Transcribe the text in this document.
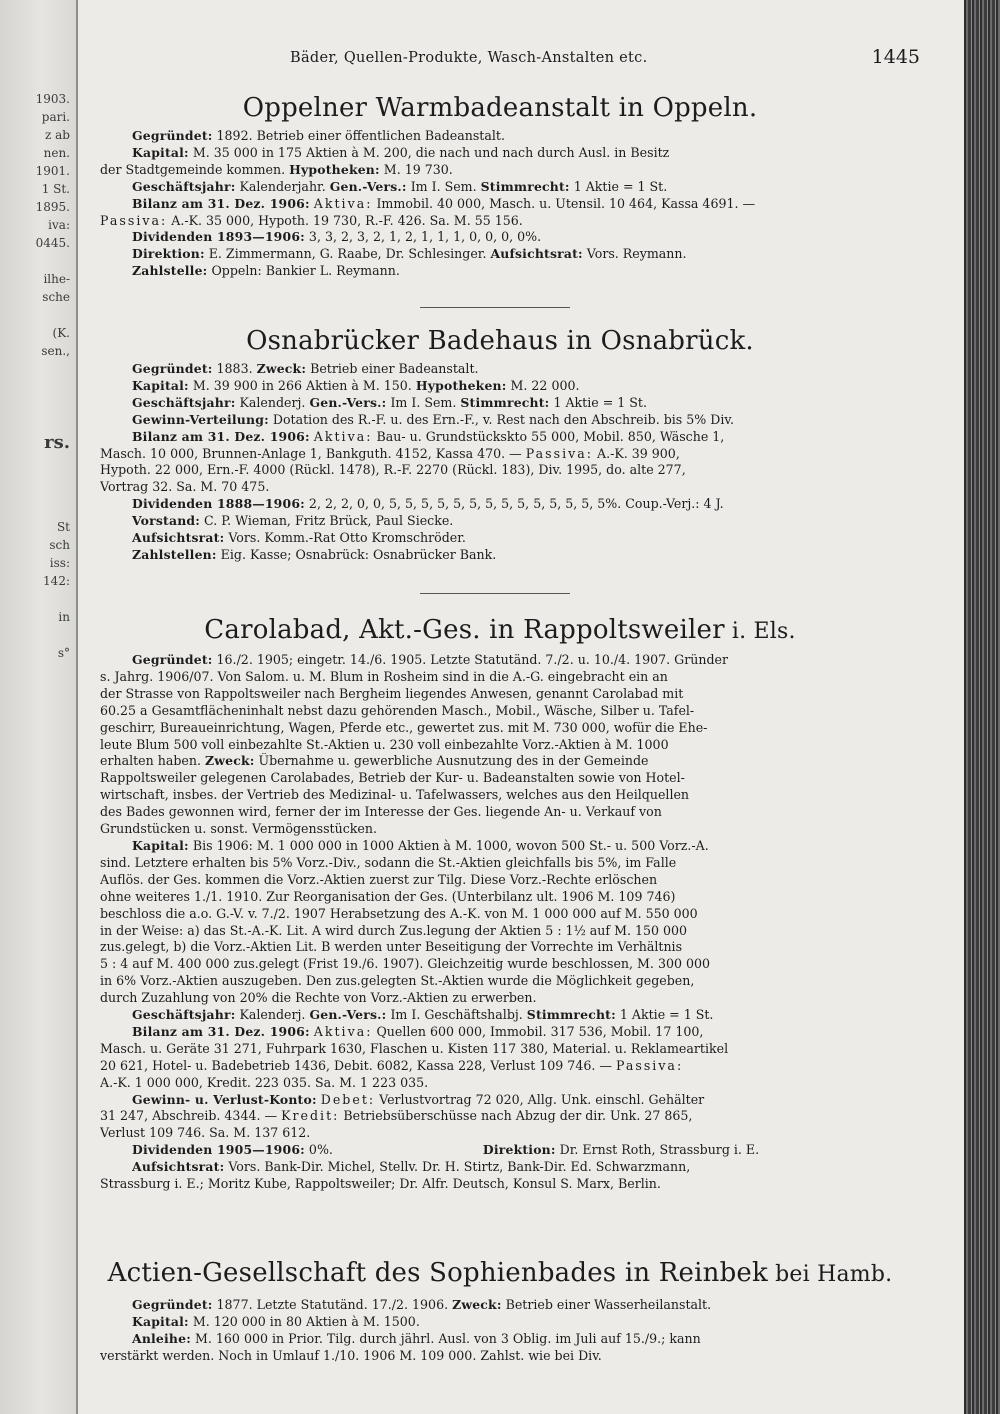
1903.
pari.
z ab
nen.
1901.
1 St.
1895.
iva:
0445.
ilhe-
sche
(K.
sen.,
rs.
St
sch
iss:
142:
in
s°
Bäder, Quellen-Produkte, Wasch-Anstalten etc.	1445
Oppelner Warmbadeanstalt in Oppeln.
Gegründet: 1892. Betrieb einer öffentlichen Badeanstalt.
Kapital: M. 35 000 in 175 Aktien à M. 200, die nach und nach durch Ausl. in Besitz
der Stadtgemeinde kommen. Hypotheken: M. 19 730.
Geschäftsjahr: Kalenderjahr. Gen.-Vers.: Im I. Sem. Stimmrecht: 1 Aktie = 1 St.
Bilanz am 31. Dez. 1906: Aktiva: Immobil. 40 000, Masch. u. Utensil. 10 464, Kassa 4691. —
Passiva: A.-K. 35 000, Hypoth. 19 730, R.-F. 426. Sa. M. 55 156.
Dividenden 1893—1906: 3, 3, 2, 3, 2, 1, 2, 1, 1, 1, 0, 0, 0, 0%.
Direktion: E. Zimmermann, G. Raabe, Dr. Schlesinger. Aufsichtsrat: Vors. Reymann.
Zahlstelle: Oppeln: Bankier L. Reymann.
Osnabrücker Badehaus in Osnabrück.
Gegründet: 1883. Zweck: Betrieb einer Badeanstalt.
Kapital: M. 39 900 in 266 Aktien à M. 150. Hypotheken: M. 22 000.
Geschäftsjahr: Kalenderj. Gen.-Vers.: Im I. Sem. Stimmrecht: 1 Aktie = 1 St.
Gewinn-Verteilung: Dotation des R.-F. u. des Ern.-F., v. Rest nach den Abschreib. bis 5% Div.
Bilanz am 31. Dez. 1906: Aktiva: Bau- u. Grundstückskto 55 000, Mobil. 850, Wäsche 1,
Masch. 10 000, Brunnen-Anlage 1, Bankguth. 4152, Kassa 470. — Passiva: A.-K. 39 900,
Hypoth. 22 000, Ern.-F. 4000 (Rückl. 1478), R.-F. 2270 (Rückl. 183), Div. 1995, do. alte 277,
Vortrag 32. Sa. M. 70 475.
Dividenden 1888—1906: 2, 2, 2, 0, 0, 5, 5, 5, 5, 5, 5, 5, 5, 5, 5, 5, 5, 5, 5%. Coup.-Verj.: 4 J.
Vorstand: C. P. Wieman, Fritz Brück, Paul Siecke.
Aufsichtsrat: Vors. Komm.-Rat Otto Kromschröder.
Zahlstellen: Eig. Kasse; Osnabrück: Osnabrücker Bank.
Carolabad, Akt.-Ges. in Rappoltsweiler i. Els.
Gegründet: 16./2. 1905; eingetr. 14./6. 1905. Letzte Statutänd. 7./2. u. 10./4. 1907. Gründer
s. Jahrg. 1906/07. Von Salom. u. M. Blum in Rosheim sind in die A.-G. eingebracht ein an
der Strasse von Rappoltsweiler nach Bergheim liegendes Anwesen, genannt Carolabad mit
60.25 a Gesamtflächeninhalt nebst dazu gehörenden Masch., Mobil., Wäsche, Silber u. Tafel-
geschirr, Bureaueinrichtung, Wagen, Pferde etc., gewertet zus. mit M. 730 000, wofür die Ehe-
leute Blum 500 voll einbezahlte St.-Aktien u. 230 voll einbezahlte Vorz.-Aktien à M. 1000
erhalten haben. Zweck: Übernahme u. gewerbliche Ausnutzung des in der Gemeinde
Rappoltsweiler gelegenen Carolabades, Betrieb der Kur- u. Badeanstalten sowie von Hotel-
wirtschaft, insbes. der Vertrieb des Medizinal- u. Tafelwassers, welches aus den Heilquellen
des Bades gewonnen wird, ferner der im Interesse der Ges. liegende An- u. Verkauf von
Grundstücken u. sonst. Vermögensstücken.
Kapital: Bis 1906: M. 1 000 000 in 1000 Aktien à M. 1000, wovon 500 St.- u. 500 Vorz.-A.
sind. Letztere erhalten bis 5% Vorz.-Div., sodann die St.-Aktien gleichfalls bis 5%, im Falle
Auflös. der Ges. kommen die Vorz.-Aktien zuerst zur Tilg. Diese Vorz.-Rechte erlöschen
ohne weiteres 1./1. 1910. Zur Reorganisation der Ges. (Unterbilanz ult. 1906 M. 109 746)
beschloss die a.o. G.-V. v. 7./2. 1907 Herabsetzung des A.-K. von M. 1 000 000 auf M. 550 000
in der Weise: a) das St.-A.-K. Lit. A wird durch Zus.legung der Aktien 5 : 1½ auf M. 150 000
zus.gelegt, b) die Vorz.-Aktien Lit. B werden unter Beseitigung der Vorrechte im Verhältnis
5 : 4 auf M. 400 000 zus.gelegt (Frist 19./6. 1907). Gleichzeitig wurde beschlossen, M. 300 000
in 6% Vorz.-Aktien auszugeben. Den zus.gelegten St.-Aktien wurde die Möglichkeit gegeben,
durch Zuzahlung von 20% die Rechte von Vorz.-Aktien zu erwerben.
Geschäftsjahr: Kalenderj. Gen.-Vers.: Im I. Geschäftshalbj. Stimmrecht: 1 Aktie = 1 St.
Bilanz am 31. Dez. 1906: Aktiva: Quellen 600 000, Immobil. 317 536, Mobil. 17 100,
Masch. u. Geräte 31 271, Fuhrpark 1630, Flaschen u. Kisten 117 380, Material. u. Reklameartikel
20 621, Hotel- u. Badebetrieb 1436, Debit. 6082, Kassa 228, Verlust 109 746. — Passiva:
A.-K. 1 000 000, Kredit. 223 035. Sa. M. 1 223 035.
Gewinn- u. Verlust-Konto: Debet: Verlustvortrag 72 020, Allg. Unk. einschl. Gehälter
31 247, Abschreib. 4344. — Kredit: Betriebsüberschüsse nach Abzug der dir. Unk. 27 865,
Verlust 109 746. Sa. M. 137 612.
Dividenden 1905—1906: 0%.	Direktion: Dr. Ernst Roth, Strassburg i. E.
Aufsichtsrat: Vors. Bank-Dir. Michel, Stellv. Dr. H. Stirtz, Bank-Dir. Ed. Schwarzmann,
Strassburg i. E.; Moritz Kube, Rappoltsweiler; Dr. Alfr. Deutsch, Konsul S. Marx, Berlin.
Actien-Gesellschaft des Sophienbades in Reinbek bei Hamb.
Gegründet: 1877. Letzte Statutänd. 17./2. 1906. Zweck: Betrieb einer Wasserheilanstalt.
Kapital: M. 120 000 in 80 Aktien à M. 1500.
Anleihe: M. 160 000 in Prior. Tilg. durch jährl. Ausl. von 3 Oblig. im Juli auf 15./9.; kann
verstärkt werden. Noch in Umlauf 1./10. 1906 M. 109 000. Zahlst. wie bei Div.
